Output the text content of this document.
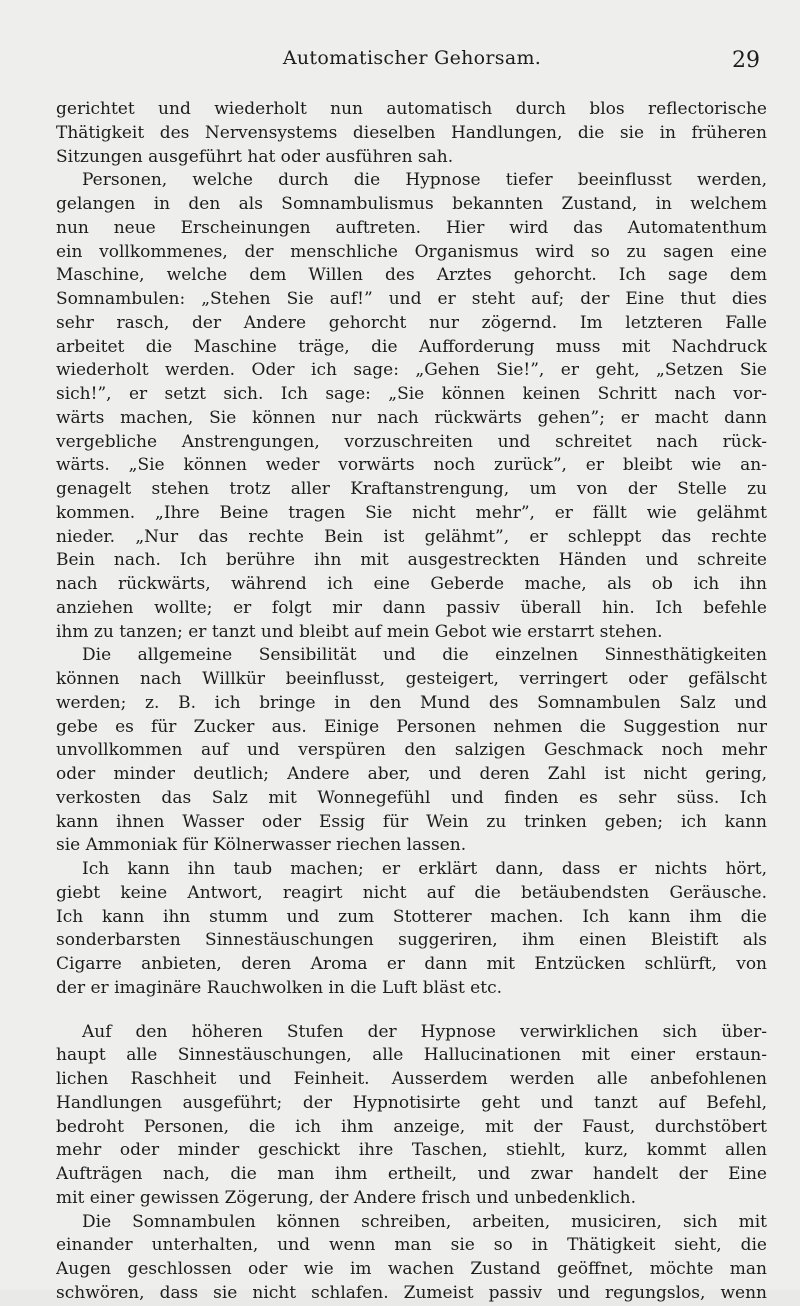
Automatischer Gehorsam.	29
gerichtet und wiederholt nun automatisch durch blos reflectorische
Thätigkeit des Nervensystems dieselben Handlungen, die sie in früheren
Sitzungen ausgeführt hat oder ausführen sah.
Personen, welche durch die Hypnose tiefer beeinflusst werden,
gelangen in den als Somnambulismus bekannten Zustand, in welchem
nun neue Erscheinungen auftreten. Hier wird das Automatenthum
ein vollkommenes, der menschliche Organismus wird so zu sagen eine
Maschine, welche dem Willen des Arztes gehorcht. Ich sage dem
Somnambulen: „Stehen Sie auf!” und er steht auf; der Eine thut dies
sehr rasch, der Andere gehorcht nur zögernd. Im letzteren Falle
arbeitet die Maschine träge, die Aufforderung muss mit Nachdruck
wiederholt werden. Oder ich sage: „Gehen Sie!”, er geht, „Setzen Sie
sich!”, er setzt sich. Ich sage: „Sie können keinen Schritt nach vor-
wärts machen, Sie können nur nach rückwärts gehen”; er macht dann
vergebliche Anstrengungen, vorzuschreiten und schreitet nach rück-
wärts. „Sie können weder vorwärts noch zurück”, er bleibt wie an-
genagelt stehen trotz aller Kraftanstrengung, um von der Stelle zu
kommen. „Ihre Beine tragen Sie nicht mehr”, er fällt wie gelähmt
nieder. „Nur das rechte Bein ist gelähmt”, er schleppt das rechte
Bein nach. Ich berühre ihn mit ausgestreckten Händen und schreite
nach rückwärts, während ich eine Geberde mache, als ob ich ihn
anziehen wollte; er folgt mir dann passiv überall hin. Ich befehle
ihm zu tanzen; er tanzt und bleibt auf mein Gebot wie erstarrt stehen.
Die allgemeine Sensibilität und die einzelnen Sinnesthätigkeiten
können nach Willkür beeinflusst, gesteigert, verringert oder gefälscht
werden; z. B. ich bringe in den Mund des Somnambulen Salz und
gebe es für Zucker aus. Einige Personen nehmen die Suggestion nur
unvollkommen auf und verspüren den salzigen Geschmack noch mehr
oder minder deutlich; Andere aber, und deren Zahl ist nicht gering,
verkosten das Salz mit Wonnegefühl und finden es sehr süss. Ich
kann ihnen Wasser oder Essig für Wein zu trinken geben; ich kann
sie Ammoniak für Kölnerwasser riechen lassen.
Ich kann ihn taub machen; er erklärt dann, dass er nichts hört,
giebt keine Antwort, reagirt nicht auf die betäubendsten Geräusche.
Ich kann ihn stumm und zum Stotterer machen. Ich kann ihm die
sonderbarsten Sinnestäuschungen suggeriren, ihm einen Bleistift als
Cigarre anbieten, deren Aroma er dann mit Entzücken schlürft, von
der er imaginäre Rauchwolken in die Luft bläst etc.
Auf den höheren Stufen der Hypnose verwirklichen sich über-
haupt alle Sinnestäuschungen, alle Hallucinationen mit einer erstaun-
lichen Raschheit und Feinheit. Ausserdem werden alle anbefohlenen
Handlungen ausgeführt; der Hypnotisirte geht und tanzt auf Befehl,
bedroht Personen, die ich ihm anzeige, mit der Faust, durchstöbert
mehr oder minder geschickt ihre Taschen, stiehlt, kurz, kommt allen
Aufträgen nach, die man ihm ertheilt, und zwar handelt der Eine
mit einer gewissen Zögerung, der Andere frisch und unbedenklich.
Die Somnambulen können schreiben, arbeiten, musiciren, sich mit
einander unterhalten, und wenn man sie so in Thätigkeit sieht, die
Augen geschlossen oder wie im wachen Zustand geöffnet, möchte man
schwören, dass sie nicht schlafen. Zumeist passiv und regungslos, wenn
